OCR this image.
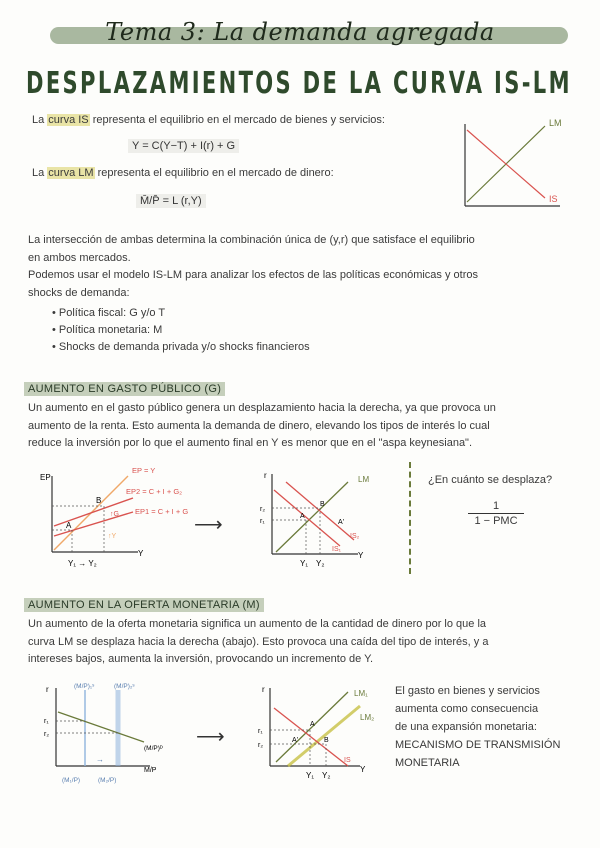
Tema 3: La demanda agregada
DESPLAZAMIENTOS DE LA CURVA IS-LM
La curva IS representa el equilibrio en el mercado de bienes y servicios:
Y = C(Y−T) + I(r) + G
La curva LM representa el equilibrio en el mercado de dinero:
M̄/P̄ = L (r,Y)
LM
IS
La intersección de ambas determina la combinación única de (y,r) que satisface el equilibrio
en ambos mercados.
Podemos usar el modelo IS-LM para analizar los efectos de las políticas económicas y otros
shocks de demanda:
• Política fiscal: G y/o T
• Política monetaria: M
• Shocks de demanda privada y/o shocks financieros
AUMENTO EN GASTO PÚBLICO (G)
Un aumento en el gasto público genera un desplazamiento hacia la derecha, ya que provoca un
aumento de la renta. Esto aumenta la demanda de dinero, elevando los tipos de interés lo cual
reduce la inversión por lo que el aumento final en Y es menor que en el "aspa keynesiana".
EP
EP = Y
EP2 = C + I + G₂
EP1 = C + I + G
A
B
↑G
↑Y
Y
Y₁ → Y₂
⟶
r	LM
r₂
r₁
A
B
A'
IS₂
IS₁
Y
Y₁ Y₂
¿En cuánto se desplaza?
1
1 − PMC
AUMENTO EN LA OFERTA MONETARIA (M)
Un aumento de la oferta monetaria significa un aumento de la cantidad de dinero por lo que la
curva LM se desplaza hacia la derecha (abajo). Esto provoca una caída del tipo de interés, y a
intereses bajos, aumenta la inversión, provocando un incremento de Y.
r	(M/P)₁ˢ	(M/P)₂ˢ
r₁
r₂
(M/P)ᴰ
M/P
→
(M₁/P)	(M₂/P)
⟶
r	LM₁
LM₂
r₁
r₂
A
B
A'
IS
Y
Y₁ Y₂
El gasto en bienes y servicios
aumenta como consecuencia
de una expansión monetaria:
MECANISMO DE TRANSMISIÓN
MONETARIA
